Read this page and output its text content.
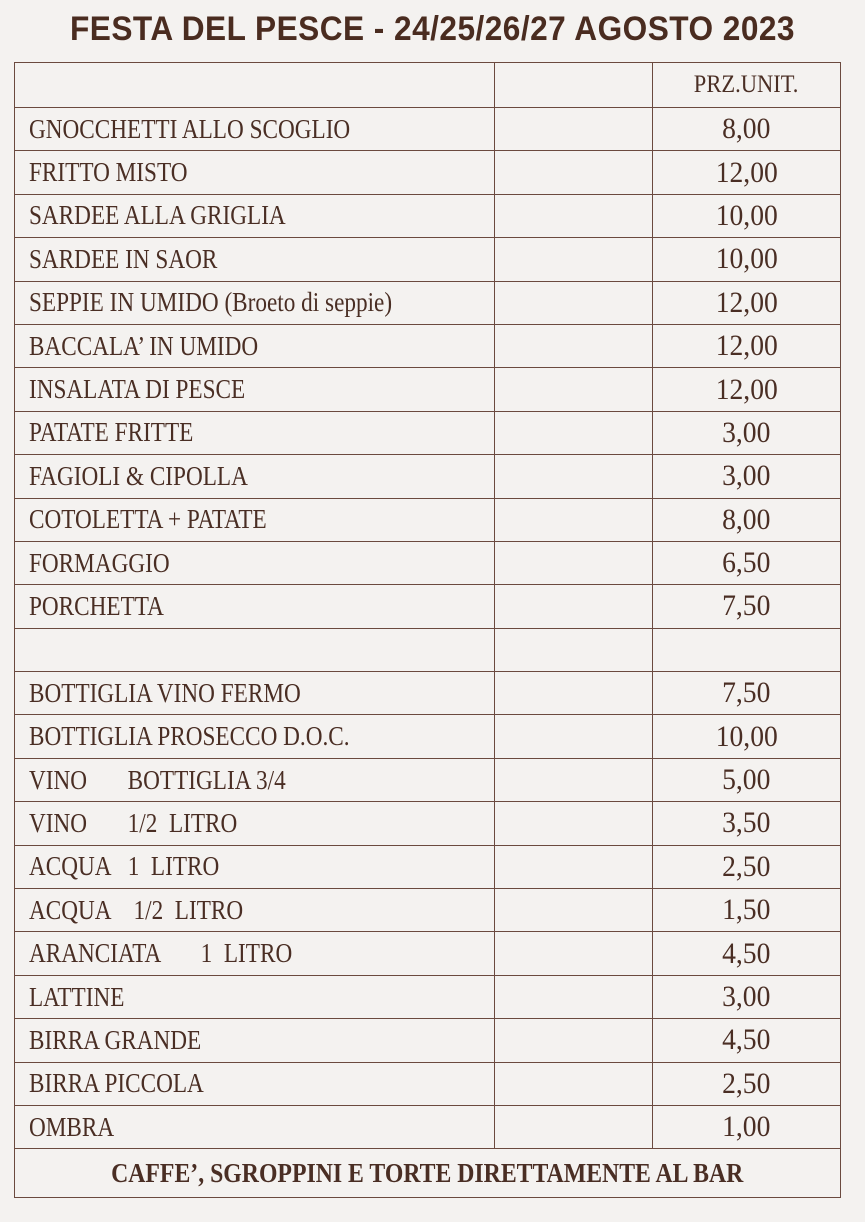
FESTA DEL PESCE - 24/25/26/27 AGOSTO 2023
		PRZ.UNIT.
GNOCCHETTI ALLO SCOGLIO		8,00
FRITTO MISTO		12,00
SARDEE ALLA GRIGLIA		10,00
SARDEE IN SAOR		10,00
SEPPIE IN UMIDO (Broeto di seppie)		12,00
BACCALA’ IN UMIDO		12,00
INSALATA DI PESCE		12,00
PATATE FRITTE		3,00
FAGIOLI & CIPOLLA		3,00
COTOLETTA + PATATE		8,00
FORMAGGIO		6,50
PORCHETTA		7,50

BOTTIGLIA VINO FERMO		7,50
BOTTIGLIA PROSECCO D.O.C.		10,00
VINO       BOTTIGLIA 3/4		5,00
VINO       1/2  LITRO		3,50
ACQUA   1  LITRO		2,50
ACQUA    1/2  LITRO		1,50
ARANCIATA       1  LITRO		4,50
LATTINE		3,00
BIRRA GRANDE		4,50
BIRRA PICCOLA		2,50
OMBRA		1,00
CAFFE’, SGROPPINI E TORTE DIRETTAMENTE AL BAR		
